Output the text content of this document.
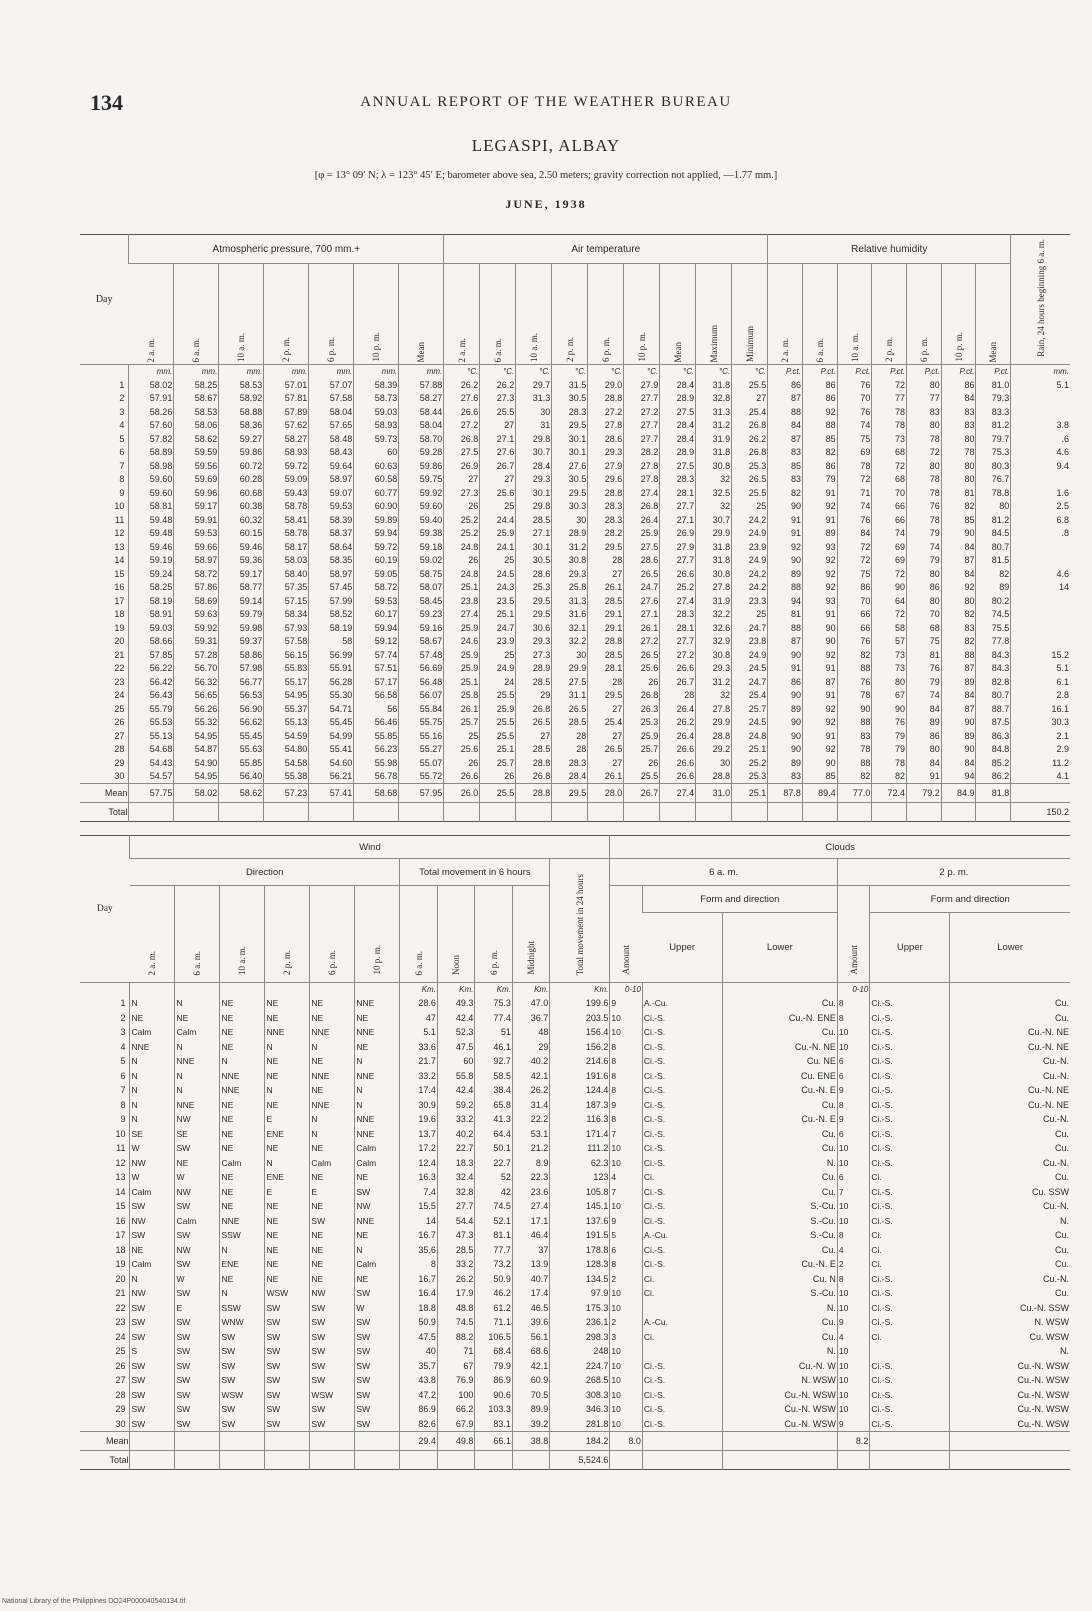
134	ANNUAL REPORT OF THE WEATHER BUREAU
LEGASPI, ALBAY
[φ = 13° 09′ N; λ = 123° 45′ E; barometer above sea, 2.50 meters; gravity correction not applied, —1.77 mm.]
JUNE, 1938
Day	Atmospheric pressure, 700 mm.+							Air temperature									Relative humidity							Rain, 24 hours beginning 6 a. m.
	2 a. m.	6 a. m.	10 a. m.	2 p. m.	6 p. m.	10 p. m.	Mean	2 a. m.	6 a. m.	10 a. m.	2 p. m.	6 p. m.	10 p. m.	Mean	Maximum	Minimum	2 a. m.	6 a. m.	10 a. m.	2 p. m.	6 p. m.	10 p. m.	Mean	
	mm.	mm.	mm.	mm.	mm.	mm.	mm.	°C.	°C.	°C.	°C.	°C.	°C.	°C.	°C.	°C.	P.ct.	P.ct.	P.ct.	P.ct.	P.ct.	P.ct.	P.ct.	mm.
1	58.02	58.25	58.53	57.01	57.07	58.39	57.88	26.2	26.2	29.7	31.5	29.0	27.9	28.4	31.8	25.5	86	86	76	72	80	86	81.0	5.1
2	57.91	58.67	58.92	57.81	57.58	58.73	58.27	27.6	27.3	31.3	30.5	28.8	27.7	28.9	32.8	27	87	86	70	77	77	84	79.3	
3	58.26	58.53	58.88	57.89	58.04	59.03	58.44	26.6	25.5	30	28.3	27.2	27.2	27.5	31.3	25.4	88	92	76	78	83	83	83.3	
4	57.60	58.06	58.36	57.62	57.65	58.93	58.04	27.2	27	31	29.5	27.8	27.7	28.4	31.2	26.8	84	88	74	78	80	83	81.2	3.8
5	57.82	58.62	59.27	58.27	58.48	59.73	58.70	26.8	27.1	29.8	30.1	28.6	27.7	28.4	31.9	26.2	87	85	75	73	78	80	79.7	.6
6	58.89	59.59	59.86	58.93	58.43	60	59.28	27.5	27.6	30.7	30.1	29.3	28.2	28.9	31.8	26.8	83	82	69	68	72	78	75.3	4.6
7	58.98	59.56	60.72	59.72	59.64	60.63	59.86	26.9	26.7	28.4	27.6	27.9	27.8	27.5	30.8	25.3	85	86	78	72	80	80	80.3	9.4
8	59.60	59.69	60.28	59.09	58.97	60.58	59.75	27	27	29.3	30.5	29.6	27.8	28.3	32	26.5	83	79	72	68	78	80	76.7	
9	59.60	59.96	60.68	59.43	59.07	60.77	59.92	27.3	25.6	30.1	29.5	28.8	27.4	28.1	32.5	25.5	82	91	71	70	78	81	78.8	1.6
10	58.81	59.17	60.38	58.78	59.53	60.90	59.60	26	25	29.8	30.3	28.3	26.8	27.7	32	25	90	92	74	66	76	82	80	2.5
11	59.48	59.91	60.32	58.41	58.39	59.89	59.40	25.2	24.4	28.5	30	28.3	26.4	27.1	30.7	24.2	91	91	76	66	78	85	81.2	6.8
12	59.48	59.53	60.15	58.78	58.37	59.94	59.38	25.2	25.9	27.1	28.9	28.2	25.9	26.9	29.9	24.9	91	89	84	74	79	90	84.5	.8
13	59.46	59.66	59.46	58.17	58.64	59.72	59.18	24.8	24.1	30.1	31.2	29.5	27.5	27.9	31.8	23.9	92	93	72	69	74	84	80.7	
14	59.19	58.97	59.36	58.03	58.35	60.19	59.02	26	25	30.5	30.8	28	28.6	27.7	31.8	24.9	90	92	72	69	79	87	81.5	
15	59.24	58.72	59.17	58.40	58.97	59.05	58.75	24.8	24.5	28.6	29.3	27	26.5	26.6	30.8	24.2	89	92	75	72	80	84	82	4.6
16	58.25	57.86	58.77	57.35	57.45	58.72	58.07	25.1	24.3	25.3	25.8	26.1	24.7	25.2	27.8	24.2	88	92	86	90	86	92	89	14
17	58.19	58.69	59.14	57.15	57.99	59.53	58.45	23.8	23.5	29.5	31.3	28.5	27.6	27.4	31.9	23.3	94	93	70	64	80	80	80.2	
18	58.91	59.63	59.79	58.34	58.52	60.17	59.23	27.4	25.1	29.5	31.6	29.1	27.1	28.3	32.2	25	81	91	66	72	70	82	74.5	
19	59.03	59.92	59.98	57.93	58.19	59.94	59.16	25.9	24.7	30.6	32.1	29.1	26.1	28.1	32.6	24.7	88	90	66	58	68	83	75.5	
20	58.66	59.31	59.37	57.58	58	59.12	58.67	24.6	23.9	29.3	32.2	28.8	27.2	27.7	32.9	23.8	87	90	76	57	75	82	77.8	
21	57.85	57.28	58.86	56.15	56.99	57.74	57.48	25.9	25	27.3	30	28.5	26.5	27.2	30.8	24.9	90	92	82	73	81	88	84.3	15.2
22	56.22	56.70	57.98	55.83	55.91	57.51	56.69	25.9	24.9	28.9	29.9	28.1	25.6	26.6	29.3	24.5	91	91	88	73	76	87	84.3	5.1
23	56.42	56.32	56.77	55.17	56.28	57.17	56.48	25.1	24	28.5	27.5	28	26	26.7	31.2	24.7	86	87	76	80	79	89	82.8	6.1
24	56.43	56.65	56.53	54.95	55.30	56.58	56.07	25.8	25.5	29	31.1	29.5	26.8	28	32	25.4	90	91	78	67	74	84	80.7	2.8
25	55.79	56.26	56.90	55.37	54.71	56	55.84	26.1	25.9	26.8	26.5	27	26.3	26.4	27.8	25.7	89	92	90	90	84	87	88.7	16.1
26	55.53	55.32	56.62	55.13	55.45	56.46	55.75	25.7	25.5	26.5	28.5	25.4	25.3	26.2	29.9	24.5	90	92	88	76	89	90	87.5	30.3
27	55.13	54.95	55.45	54.59	54.99	55.85	55.16	25	25.5	27	28	27	25.9	26.4	28.8	24.8	90	91	83	79	86	89	86.3	2.1
28	54.68	54.87	55.63	54.80	55.41	56.23	55.27	25.6	25.1	28.5	28	26.5	25.7	26.6	29.2	25.1	90	92	78	79	80	90	84.8	2.9
29	54.43	54.90	55.85	54.58	54.60	55.98	55.07	26	25.7	28.8	28.3	27	26	26.6	30	25.2	89	90	88	78	84	84	85.2	11.2
30	54.57	54.95	56.40	55.38	56.21	56.78	55.72	26.6	26	26.8	28.4	26.1	25.5	26.6	28.8	25.3	83	85	82	82	91	94	86.2	4.1
Mean	57.75	58.02	58.62	57.23	57.41	58.68	57.95	26.0	25.5	28.8	29.5	28.0	26.7	27.4	31.0	25.1	87.8	89.4	77.0	72.4	79.2	84.9	81.8	
Total																								150.2
Day	Wind											Clouds					
	Direction						Total movement in 6 hours				Total movement in 24 hours	6 a. m.			2 p. m.		
	2 a. m.	6 a. m.	10 a. m.	2 p. m.	6 p. m.	10 p. m.	6 a. m.	Noon	6 p. m.	Midnight		Amount	Form and direction		Amount	Form and direction	
													Upper	Lower		Upper	Lower
							Km.	Km.	Km.	Km.	Km.	0-10			0-10		
1	N	N	NE	NE	NE	NNE	28.6	49.3	75.3	47.0	199.6	9	A.-Cu.	Cu.	8	Ci.-S.	Cu.
2	NE	NE	NE	NE	NE	NE	47	42.4	77.4	36.7	203.5	10	Ci.-S.	Cu.-N. ENE	8	Ci.-S.	Cu.
3	Calm	Calm	NE	NNE	NNE	NNE	5.1	52.3	51	48	156.4	10	Ci.-S.	Cu.	10	Ci.-S.	Cu.-N. NE
4	NNE	N	NE	N	N	NE	33.6	47.5	46.1	29	156.2	8	Ci.-S.	Cu.-N. NE	10	Ci.-S.	Cu.-N. NE
5	N	NNE	N	NE	NE	N	21.7	60	92.7	40.2	214.6	8	Ci.-S.	Cu. NE	6	Ci.-S.	Cu.-N.
6	N	N	NNE	NE	NNE	NNE	33.2	55.8	58.5	42.1	191.6	8	Ci.-S.	Cu. ENE	6	Ci.-S.	Cu.-N.
7	N	N	NNE	N	NE	N	17.4	42.4	38.4	26.2	124.4	8	Ci.-S.	Cu.-N. E	9	Ci.-S.	Cu.-N. NE
8	N	NNE	NE	NE	NNE	N	30.9	59.2	65.8	31.4	187.3	9	Ci.-S.	Cu.	8	Ci.-S.	Cu.-N. NE
9	N	NW	NE	E	N	NNE	19.6	33.2	41.3	22.2	116.3	8	Ci.-S.	Cu.-N. E	9	Ci.-S.	Cu.-N.
10	SE	SE	NE	ENE	N	NNE	13.7	40.2	64.4	53.1	171.4	7	Ci.-S.	Cu.	6	Ci.-S.	Cu.
11	W	SW	NE	NE	NE	Calm	17.2	22.7	50.1	21.2	111.2	10	Ci.-S.	Cu.	10	Ci.-S.	Cu.
12	NW	NE	Calm	N	Calm	Calm	12.4	18.3	22.7	8.9	62.3	10	Ci.-S.	N.	10	Ci.-S.	Cu.-N.
13	W	W	NE	ENE	NE	NE	16.3	32.4	52	22.3	123	4	Ci.	Cu.	6	Ci.	Cu.
14	Calm	NW	NE	E	E	SW	7.4	32.8	42	23.6	105.8	7	Ci.-S.	Cu.	7	Ci.-S.	Cu. SSW
15	SW	SW	NE	NE	NE	NW	15.5	27.7	74.5	27.4	145.1	10	Ci.-S.	S.-Cu.	10	Ci.-S.	Cu.-N.
16	NW	Calm	NNE	NE	SW	NNE	14	54.4	52.1	17.1	137.6	9	Ci.-S.	S.-Cu.	10	Ci.-S.	N.
17	SW	SW	SSW	NE	NE	NE	16.7	47.3	81.1	46.4	191.5	5	A.-Cu.	S.-Cu.	8	Ci.	Cu.
18	NE	NW	N	NE	NE	N	35.6	28.5	77.7	37	178.8	6	Ci.-S.	Cu.	4	Ci.	Cu.
19	Calm	SW	ENE	NE	NE	Calm	8	33.2	73.2	13.9	128.3	8	Ci.-S.	Cu.-N. E	2	Ci.	Cu.
20	N	W	NE	NE	NE	NE	16.7	26.2	50.9	40.7	134.5	2	Ci.	Cu. N	8	Ci.-S.	Cu.-N.
21	NW	SW	N	WSW	NW	SW	16.4	17.9	46.2	17.4	97.9	10	Ci.	S.-Cu.	10	Ci.-S.	Cu.
22	SW	E	SSW	SW	SW	W	18.8	48.8	61.2	46.5	175.3	10		N.	10	Ci.-S.	Cu.-N. SSW
23	SW	SW	WNW	SW	SW	SW	50.9	74.5	71.1	39.6	236.1	2	A.-Cu.	Cu.	9	Ci.-S.	N. WSW
24	SW	SW	SW	SW	SW	SW	47.5	88.2	106.5	56.1	298.3	3	Ci.	Cu.	4	Ci.	Cu. WSW
25	S	SW	SW	SW	SW	SW	40	71	68.4	68.6	248	10		N.	10		N.
26	SW	SW	SW	SW	SW	SW	35.7	67	79.9	42.1	224.7	10	Ci.-S.	Cu.-N. W	10	Ci.-S.	Cu.-N. WSW
27	SW	SW	SW	SW	SW	SW	43.8	76.9	86.9	60.9	268.5	10	Ci.-S.	N. WSW	10	Ci.-S.	Cu.-N. WSW
28	SW	SW	WSW	SW	WSW	SW	47.2	100	90.6	70.5	308.3	10	Ci.-S.	Cu.-N. WSW	10	Ci.-S.	Cu.-N. WSW
29	SW	SW	SW	SW	SW	SW	86.9	66.2	103.3	89.9	346.3	10	Ci.-S.	Cu.-N. WSW	10	Ci.-S.	Cu.-N. WSW
30	SW	SW	SW	SW	SW	SW	82.6	67.9	83.1	39.2	281.8	10	Ci.-S.	Cu.-N. WSW	9	Ci.-S.	Cu.-N. WSW
Mean							29.4	49.8	66.1	38.8	184.2	8.0			8.2		
Total											5,524.6						
National Library of the Philippines DO24P000040540134.tif
